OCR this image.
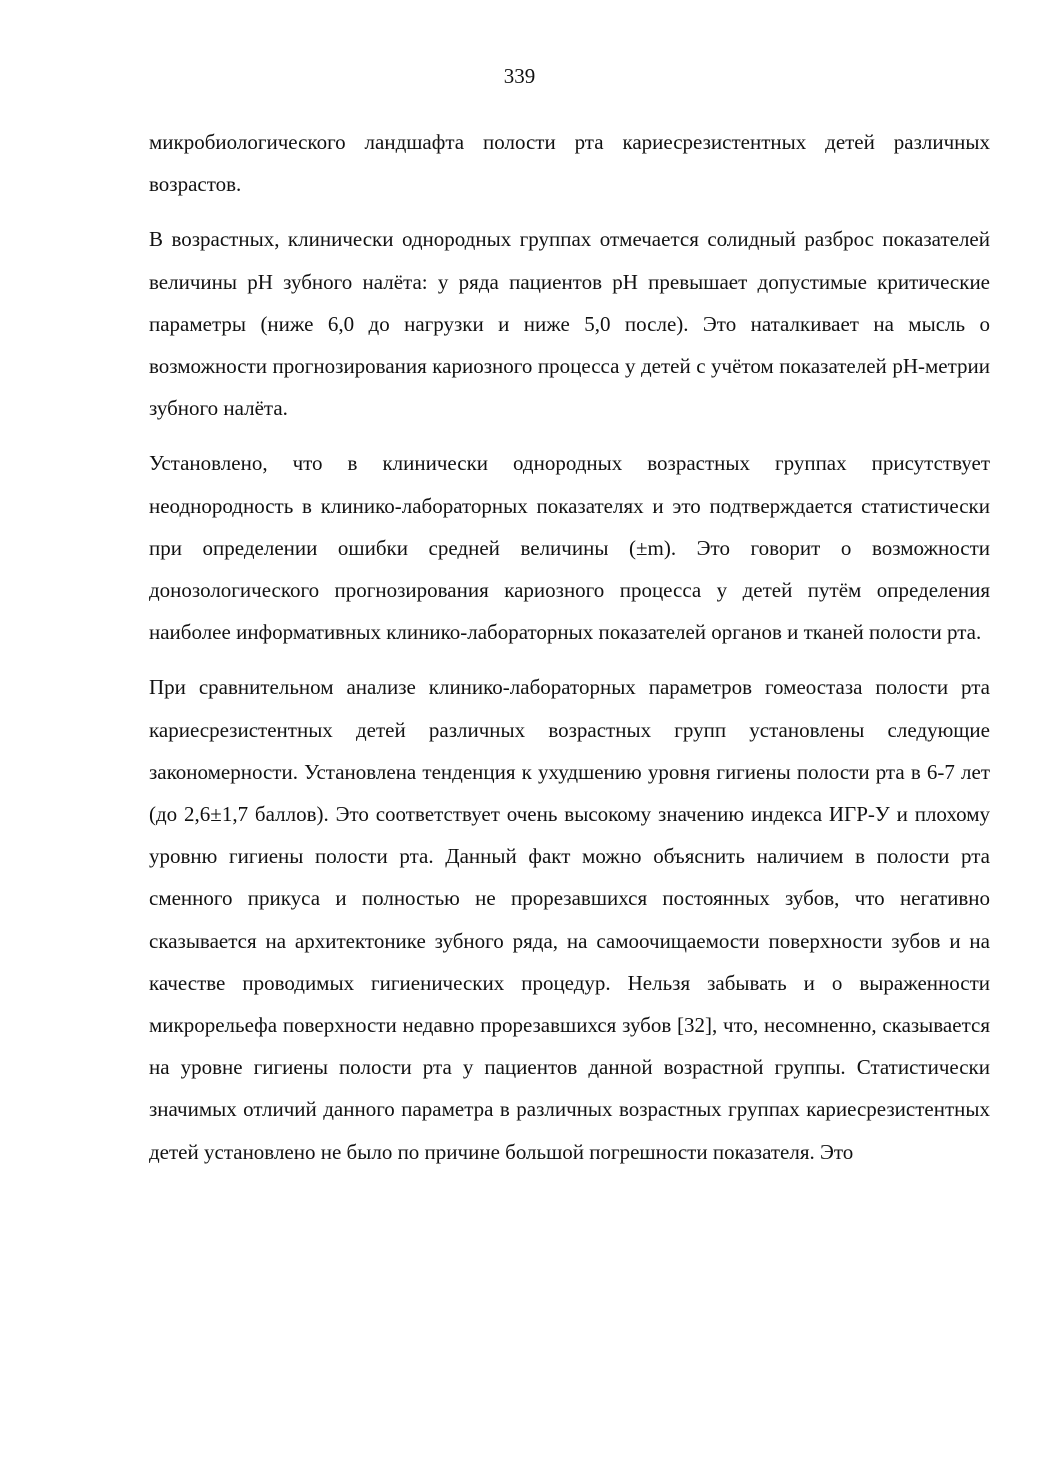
339

микробиологического ландшафта полости рта кариесрезистентных детей различных возрастов.

В возрастных, клинически однородных группах отмечается солидный разброс показателей величины pH зубного налёта: у ряда пациентов pH превышает допустимые критические параметры (ниже 6,0 до нагрузки и ниже 5,0 после). Это наталкивает на мысль о возможности прогнозирования кариозного процесса у детей с учётом показателей pH-метрии зубного налёта.

Установлено, что в клинически однородных возрастных группах присутствует неоднородность в клинико-лабораторных показателях и это подтверждается статистически при определении ошибки средней величины (±m). Это говорит о возможности донозологического прогнозирования кариозного процесса у детей путём определения наиболее информативных клинико-лабораторных показателей органов и тканей полости рта.

При сравнительном анализе клинико-лабораторных параметров гомеостаза полости рта кариесрезистентных детей различных возрастных групп установлены следующие закономерности. Установлена тенденция к ухудшению уровня гигиены полости рта в 6-7 лет (до 2,6±1,7 баллов). Это соответствует очень высокому значению индекса ИГР-У и плохому уровню гигиены полости рта. Данный факт можно объяснить наличием в полости рта сменного прикуса и полностью не прорезавшихся постоянных зубов, что негативно сказывается на архитектонике зубного ряда, на самоочищаемости поверхности зубов и на качестве проводимых гигиенических процедур. Нельзя забывать и о выраженности микрорельефа поверхности недавно прорезавшихся зубов [32], что, несомненно, сказывается на уровне гигиены полости рта у пациентов данной возрастной группы. Статистически значимых отличий данного параметра в различных возрастных группах кариесрезистентных детей установлено не было по причине большой погрешности показателя. Это
